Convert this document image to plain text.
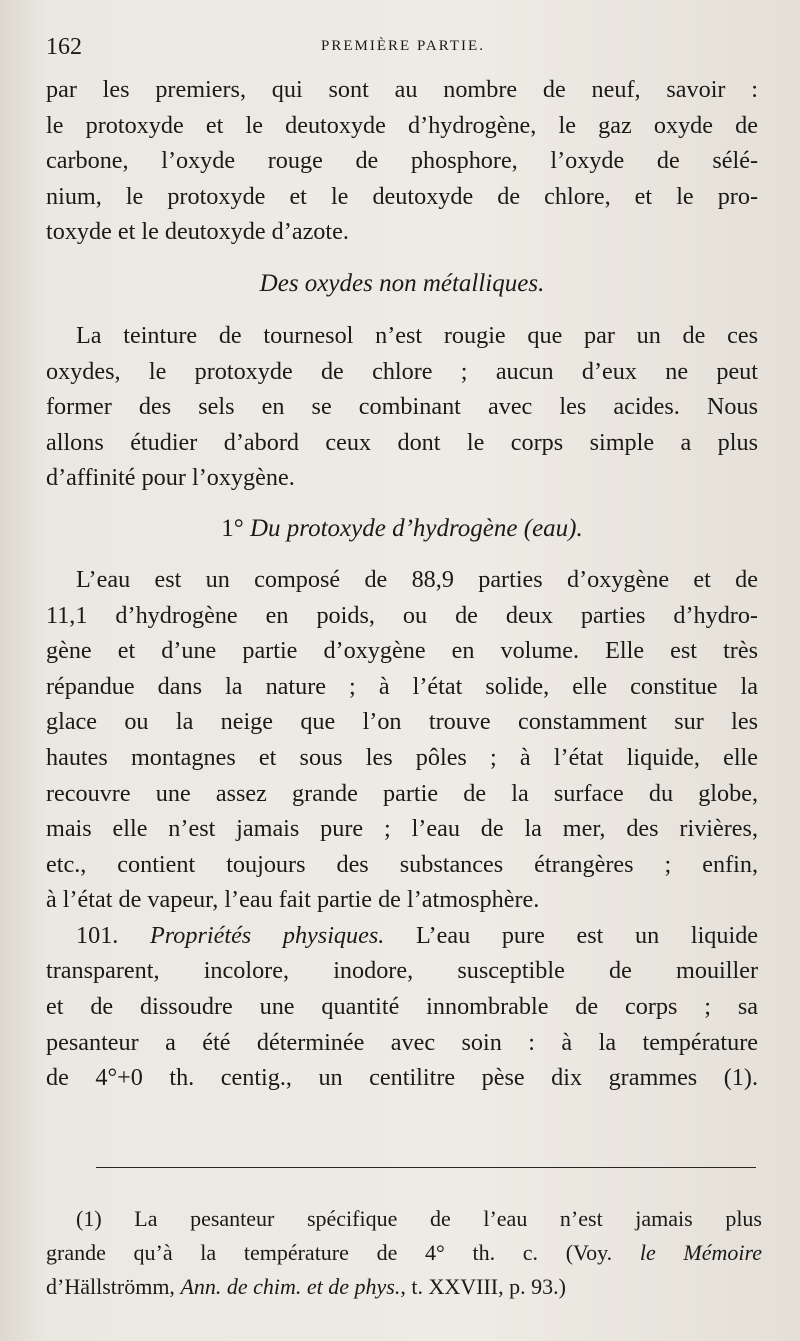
162	PREMIÈRE PARTIE.
par les premiers, qui sont au nombre de neuf, savoir :
le protoxyde et le deutoxyde d’hydrogène, le gaz oxyde de
carbone, l’oxyde rouge de phosphore, l’oxyde de sélé-
nium, le protoxyde et le deutoxyde de chlore, et le pro-
toxyde et le deutoxyde d’azote.
Des oxydes non métalliques.
La teinture de tournesol n’est rougie que par un de ces
oxydes, le protoxyde de chlore ; aucun d’eux ne peut
former des sels en se combinant avec les acides. Nous
allons étudier d’abord ceux dont le corps simple a plus
d’affinité pour l’oxygène.
1° Du protoxyde d’hydrogène (eau).
L’eau est un composé de 88,9 parties d’oxygène et de
11,1 d’hydrogène en poids, ou de deux parties d’hydro-
gène et d’une partie d’oxygène en volume. Elle est très
répandue dans la nature ; à l’état solide, elle constitue la
glace ou la neige que l’on trouve constamment sur les
hautes montagnes et sous les pôles ; à l’état liquide, elle
recouvre une assez grande partie de la surface du globe,
mais elle n’est jamais pure ; l’eau de la mer, des rivières,
etc., contient toujours des substances étrangères ; enfin,
à l’état de vapeur, l’eau fait partie de l’atmosphère.
101. Propriétés physiques. L’eau pure est un liquide
transparent, incolore, inodore, susceptible de mouiller
et de dissoudre une quantité innombrable de corps ; sa
pesanteur a été déterminée avec soin : à la température
de 4°+0 th. centig., un centilitre pèse dix grammes (1).
(1) La pesanteur spécifique de l’eau n’est jamais plus
grande qu’à la température de 4° th. c. (Voy. le Mémoire
d’Hällströmm, Ann. de chim. et de phys., t. XXVIII, p. 93.)
